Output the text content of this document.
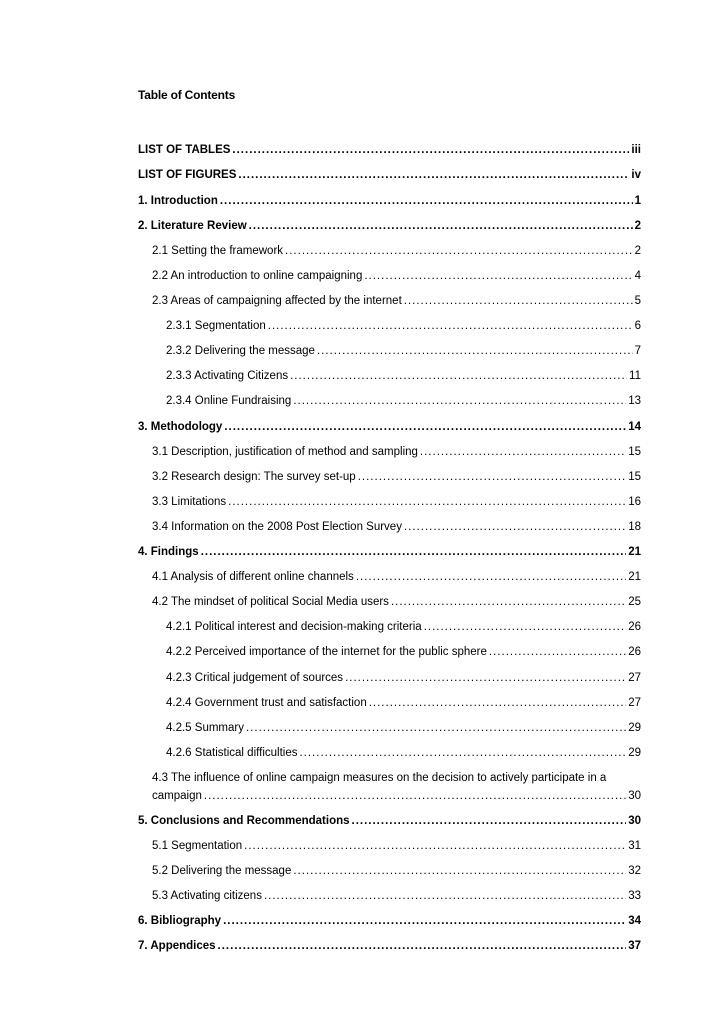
Table of Contents
LIST OF TABLES .....	iii
LIST OF FIGURES .....	iv
1. Introduction .....	1
2. Literature Review .....	2
2.1 Setting the framework .....	2
2.2 An introduction to online campaigning .....	4
2.3 Areas of campaigning affected by the internet .....	5
2.3.1 Segmentation .....	6
2.3.2 Delivering the message .....	7
2.3.3 Activating Citizens .....	11
2.3.4 Online Fundraising .....	13
3. Methodology .....	14
3.1 Description, justification of method and sampling .....	15
3.2 Research design: The survey set-up .....	15
3.3 Limitations .....	16
3.4 Information on the 2008 Post Election Survey .....	18
4. Findings .....	21
4.1 Analysis of different online channels .....	21
4.2 The mindset of political Social Media users .....	25
4.2.1 Political interest and decision-making criteria .....	26
4.2.2 Perceived importance of the internet for the public sphere .....	26
4.2.3 Critical judgement of sources .....	27
4.2.4 Government trust and satisfaction .....	27
4.2.5 Summary .....	29
4.2.6 Statistical difficulties .....	29
4.3 The influence of online campaign measures on the decision to actively participate in a
campaign .....	30
5. Conclusions and Recommendations .....	30
5.1 Segmentation .....	31
5.2 Delivering the message .....	32
5.3 Activating citizens .....	33
6. Bibliography .....	34
7. Appendices .....	37
